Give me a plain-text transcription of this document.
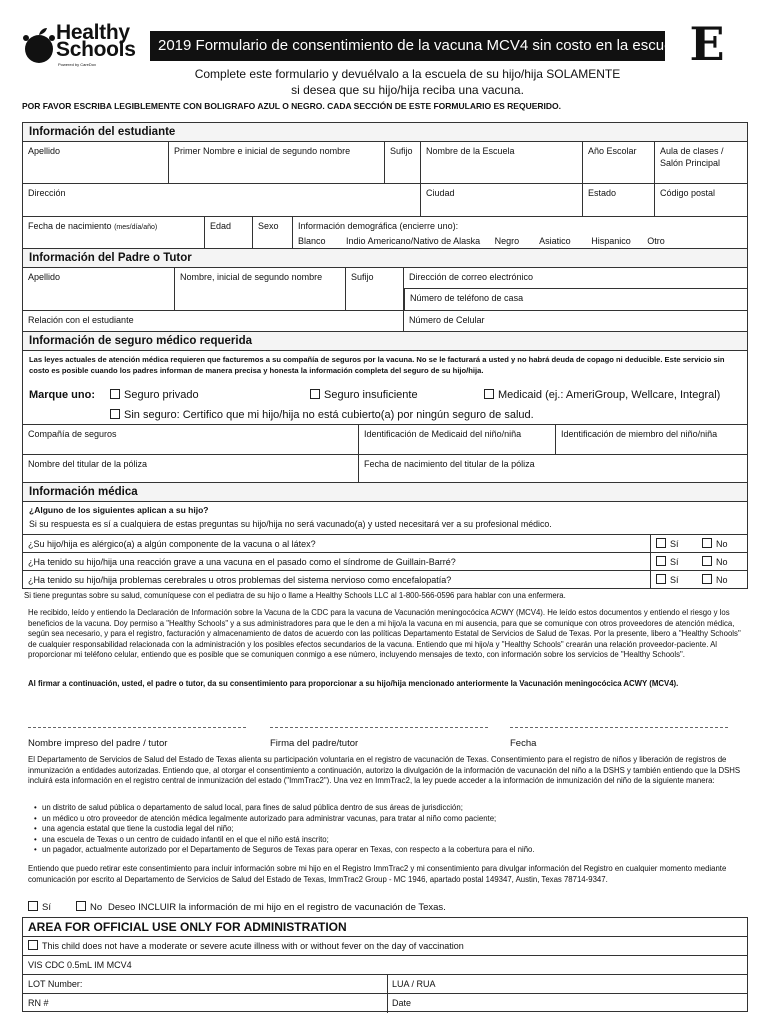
Healthy
Schools
Powered by CareDox
2019 Formulario de consentimiento de la vacuna MCV4 sin costo en la escuela E
Complete este formulario y devuélvalo a la escuela de su hijo/hija SOLAMENTE
si desea que su hijo/hija reciba una vacuna.
POR FAVOR ESCRIBA LEGIBLEMENTE CON BOLIGRAFO AZUL O NEGRO. CADA SECCIÓN DE ESTE FORMULARIO ES REQUERIDO.
Información del estudiante
Apellido	Primer Nombre e inicial de segundo nombre	Sufijo	Nombre de la Escuela	Año Escolar	Aula de clases / Salón Principal
Dirección	Ciudad	Estado	Código postal
Fecha de nacimiento (mes/día/año)	Edad	Sexo	Información demográfica (encierre uno):
Blanco Indio Americano/Nativo de Alaska Negro Asiatico Hispanico Otro
Información del Padre o Tutor
Apellido	Nombre, inicial de segundo nombre	Sufijo	Dirección de correo electrónico
Número de teléfono de casa
Relación con el estudiante	Número de Celular
Información de seguro médico requerida
Las leyes actuales de atención médica requieren que facturemos a su compañía de seguros por la vacuna. No se le facturará a usted y no habrá deuda de copago ni deducible. Este servicio sin costo es posible cuando los padres informan de manera precisa y honesta la información completa del seguro de su hijo/hija.
Marque uno:	Seguro privado	Seguro insuficiente	Medicaid (ej.: AmeriGroup, Wellcare, Integral)
Sin seguro: Certifico que mi hijo/hija no está cubierto(a) por ningún seguro de salud.
Compañía de seguros	Identificación de Medicaid del niño/niña	Identificación de miembro del niño/niña
Nombre del titular de la póliza	Fecha de nacimiento del titular de la póliza
Información médica
¿Alguno de los siguientes aplican a su hijo?
Si su respuesta es sí a cualquiera de estas preguntas su hijo/hija no será vacunado(a) y usted necesitará ver a su profesional médico.
¿Su hijo/hija es alérgico(a) a algún componente de la vacuna o al látex?	Sí	No
¿Ha tenido su hijo/hija una reacción grave a una vacuna en el pasado como el síndrome de Guillain-Barré?	Sí	No
¿Ha tenido su hijo/hija problemas cerebrales u otros problemas del sistema nervioso como encefalopatía?	Sí	No
Si tiene preguntas sobre su salud, comuníquese con el pediatra de su hijo o llame a Healthy Schools LLC al 1-800-566-0596 para hablar con una enfermera.
He recibido, leído y entiendo la Declaración de Información sobre la Vacuna de la CDC para la vacuna de Vacunación meningocócica ACWY (MCV4). He leído estos documentos y entiendo el riesgo y los beneficios de la vacuna. Doy permiso a "Healthy Schools" y a sus administradores para que le den a mi hijo/a la vacuna en mi ausencia, para que se comunique con otros proveedores de atención médica, según sea necesario, y para el registro, facturación y almacenamiento de datos de acuerdo con las políticas Departamento Estatal de Servicios de Salud de Texas. Por la presente, libero a "Healthy Schools" de cualquier responsabilidad relacionada con la administración y los posibles efectos secundarios de la vacuna. Entiendo que mi hijo/a y "Healthy Schools" crearán una relación proveedor-paciente. Al proporcionar mi teléfono celular, entiendo que es posible que se comuniquen conmigo a ese número, incluyendo mensajes de texto, con información sobre los servicios de "Healthy Schools".
Al firmar a continuación, usted, el padre o tutor, da su consentimiento para proporcionar a su hijo/hija mencionado anteriormente la Vacunación meningocócica ACWY (MCV4).
Nombre impreso del padre / tutor	Firma del padre/tutor	Fecha
El Departamento de Servicios de Salud del Estado de Texas alienta su participación voluntaria en el registro de vacunación de Texas. Consentimiento para el registro de niños y liberación de registros de inmunización a entidades autorizadas. Entiendo que, al otorgar el consentimiento a continuación, autorizo la divulgación de la información de vacunación del niño a la DSHS y también entiendo que la DSHS incluirá esta información en el registro central de inmunización del estado ("ImmTrac2"). Una vez en ImmTrac2, la ley puede acceder a la información de inmunización del niño de la siguiente manera:
• un distrito de salud pública o departamento de salud local, para fines de salud pública dentro de sus áreas de jurisdicción;
• un médico u otro proveedor de atención médica legalmente autorizado para administrar vacunas, para tratar al niño como paciente;
• una agencia estatal que tiene la custodia legal del niño;
• una escuela de Texas o un centro de cuidado infantil en el que el niño está inscrito;
• un pagador, actualmente autorizado por el Departamento de Seguros de Texas para operar en Texas, con respecto a la cobertura para el niño.
Entiendo que puedo retirar este consentimiento para incluir información sobre mi hijo en el Registro ImmTrac2 y mi consentimiento para divulgar información del Registro en cualquier momento mediante comunicación por escrito al Departamento de Servicios de Salud del Estado de Texas, ImmTrac2 Group - MC 1946, apartado postal 149347, Austin, Texas 78714-9347.
Sí	No Deseo INCLUIR la información de mi hijo en el registro de vacunación de Texas.
AREA FOR OFFICIAL USE ONLY FOR ADMINISTRATION
This child does not have a moderate or severe acute illness with or without fever on the day of vaccination
VIS CDC 0.5mL IM MCV4
LOT Number:	LUA / RUA
RN #	Date
